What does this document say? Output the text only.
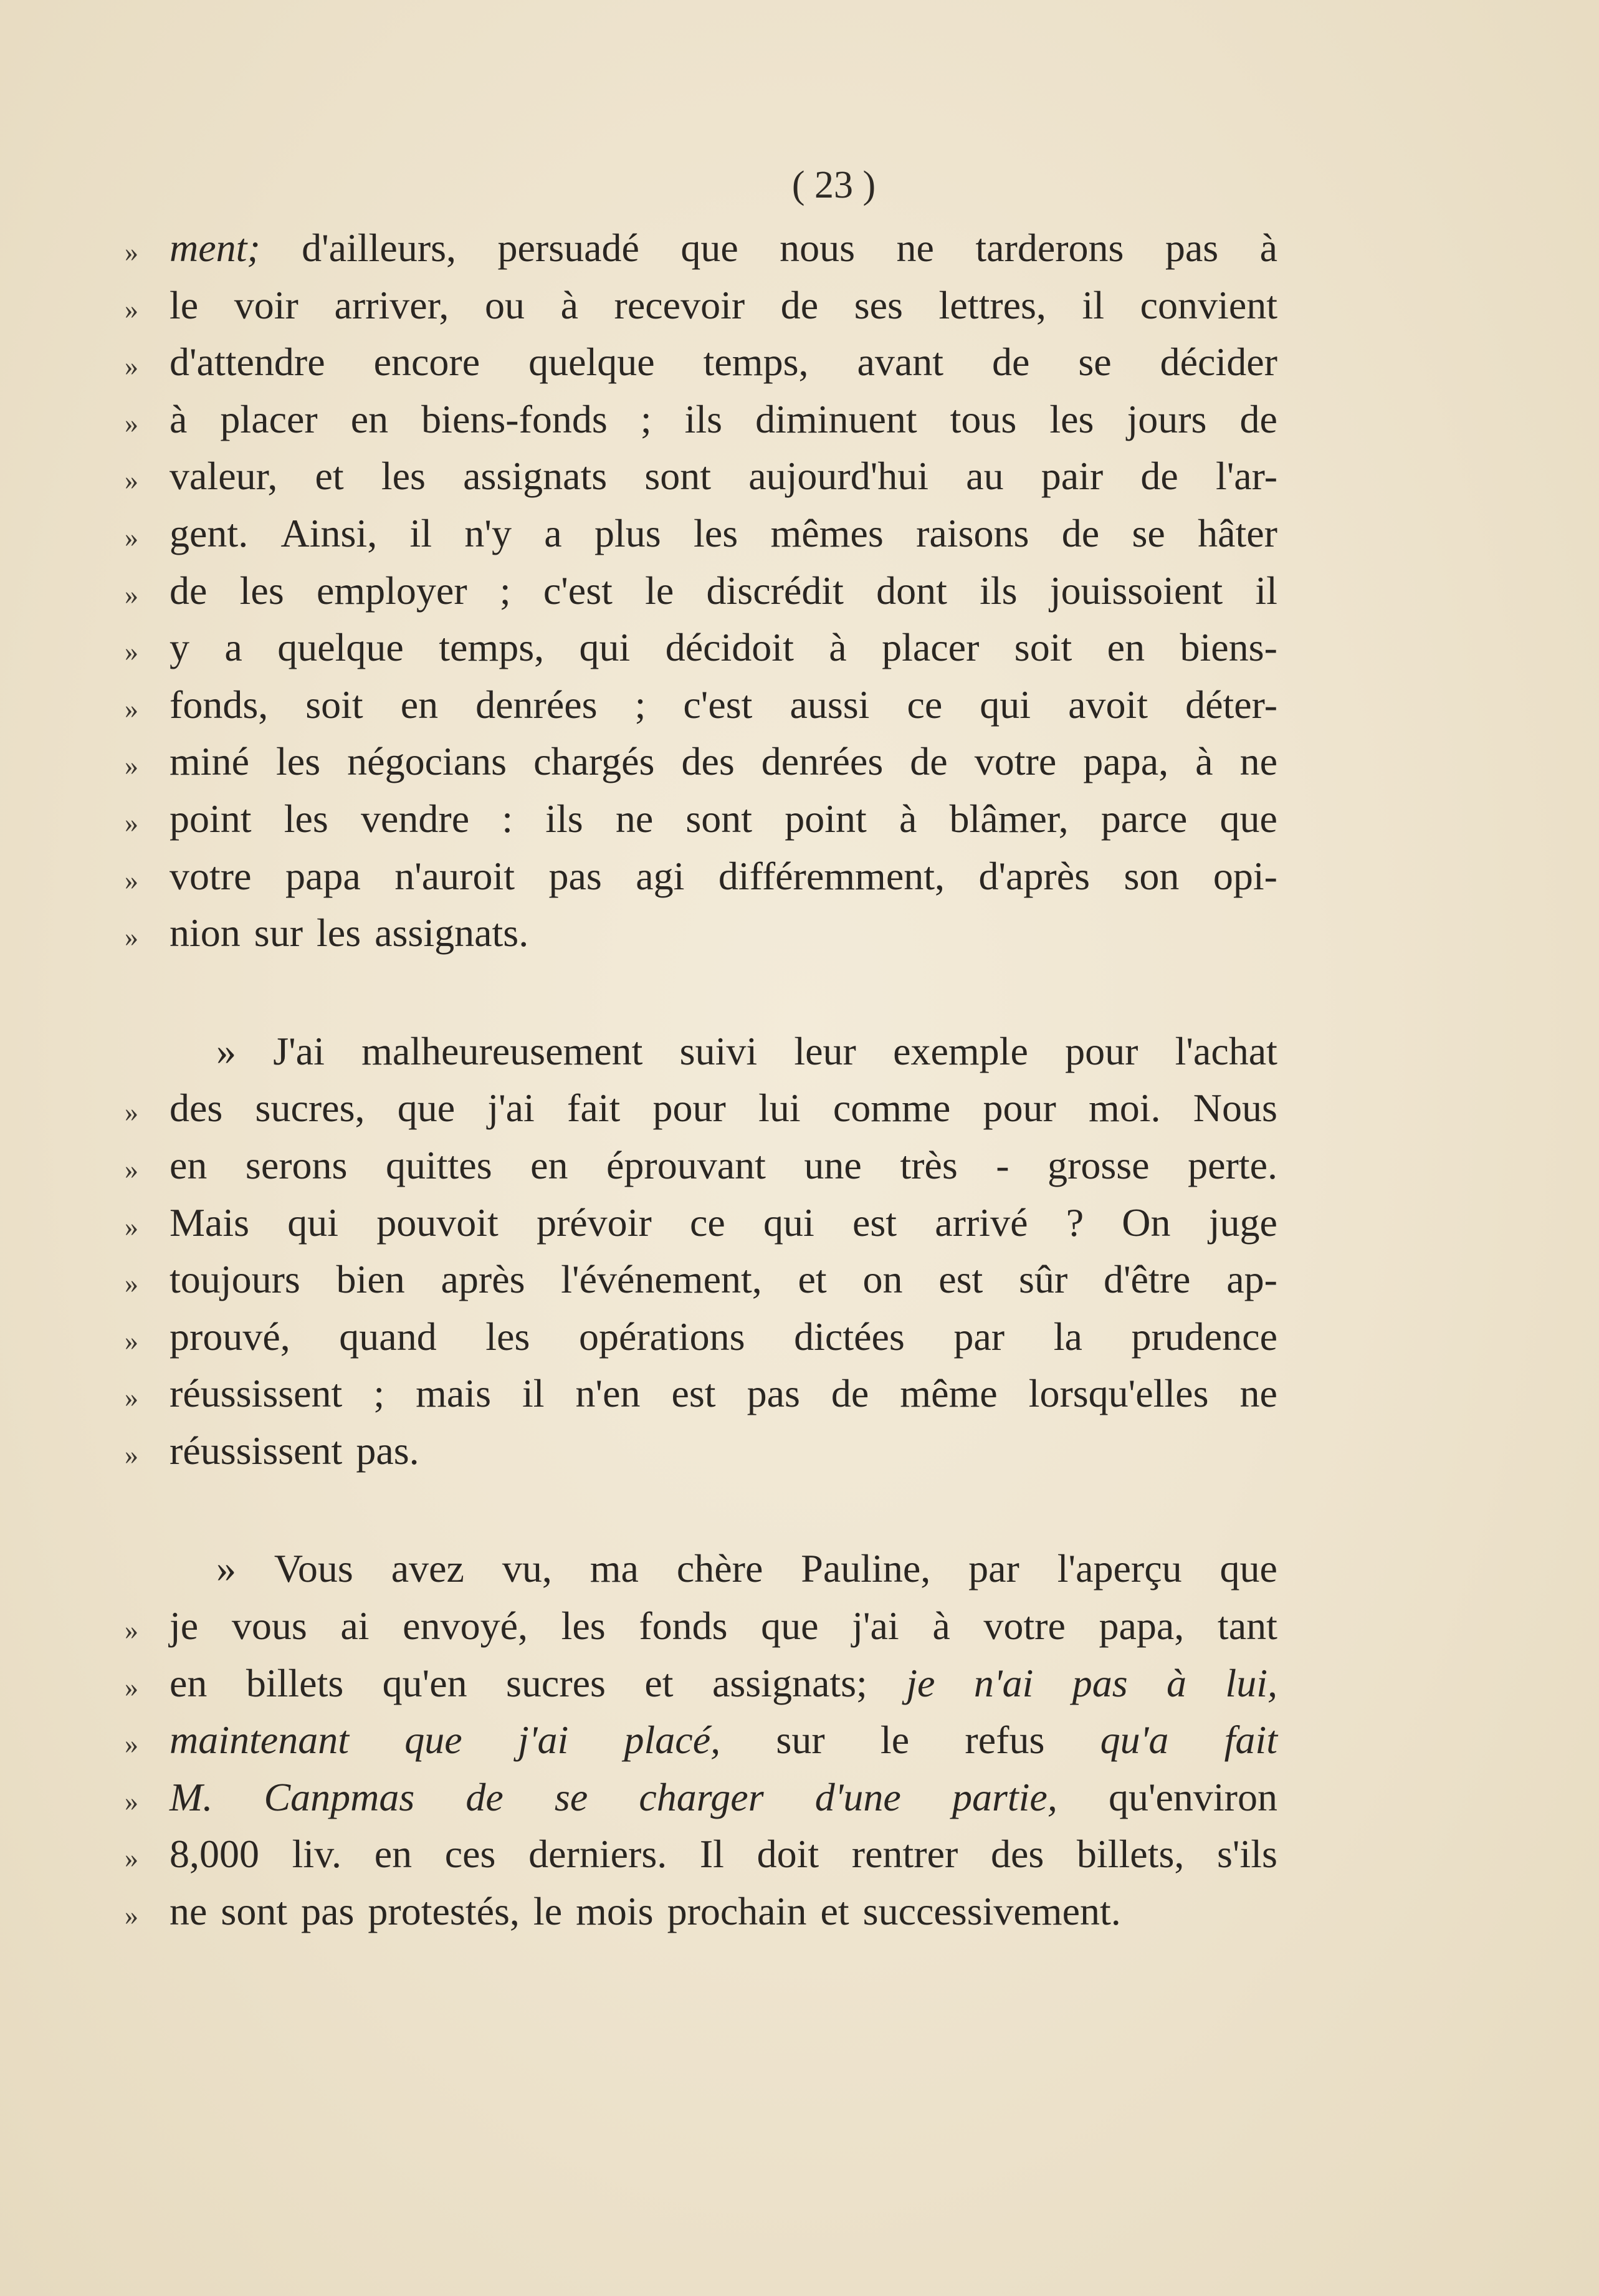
( 23 )
» ment; d'ailleurs, persuadé que nous ne tarderons pas à
» le voir arriver, ou à recevoir de ses lettres, il convient
» d'attendre encore quelque temps, avant de se décider
» à placer en biens-fonds ; ils diminuent tous les jours de
» valeur, et les assignats sont aujourd'hui au pair de l'ar-
» gent. Ainsi, il n'y a plus les mêmes raisons de se hâter
» de les employer ; c'est le discrédit dont ils jouissoient il
» y a quelque temps, qui décidoit à placer soit en biens-
» fonds, soit en denrées ; c'est aussi ce qui avoit déter-
» miné les négocians chargés des denrées de votre papa, à ne
» point les vendre : ils ne sont point à blâmer, parce que
» votre papa n'auroit pas agi différemment, d'après son opi-
» nion sur les assignats.
» J'ai malheureusement suivi leur exemple pour l'achat
» des sucres, que j'ai fait pour lui comme pour moi. Nous
» en serons quittes en éprouvant une très - grosse perte.
» Mais qui pouvoit prévoir ce qui est arrivé ? On juge
» toujours bien après l'événement, et on est sûr d'être ap-
» prouvé, quand les opérations dictées par la prudence
» réussissent ; mais il n'en est pas de même lorsqu'elles ne
» réussissent pas.
» Vous avez vu, ma chère Pauline, par l'aperçu que
» je vous ai envoyé, les fonds que j'ai à votre papa, tant
» en billets qu'en sucres et assignats; je n'ai pas à lui,
» maintenant que j'ai placé, sur le refus qu'a fait
» M. Canpmas de se charger d'une partie, qu'environ
» 8,000 liv. en ces derniers. Il doit rentrer des billets, s'ils
» ne sont pas protestés, le mois prochain et successivement.
